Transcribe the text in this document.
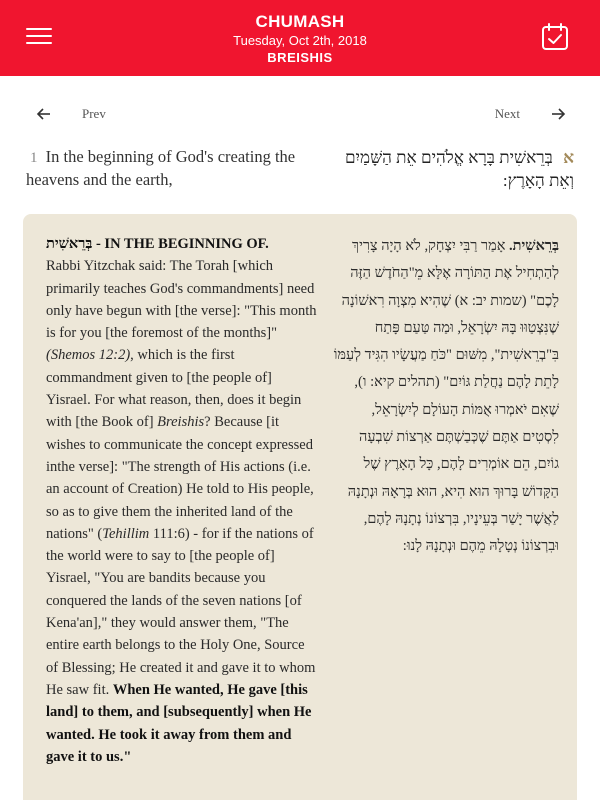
CHUMASH
Tuesday, Oct 2th, 2018
BREISHIS
Prev	Next
1 In the beginning of God's creating the heavens and the earth,
א בְּרֵאשִׁית בָּרָא אֱלֹהִים אֵת הַשָּׁמַיִם וְאֵת הָאָרֶץ:
בְּרֵאשִׁית - IN THE BEGINNING OF.
Rabbi Yitzchak said: The Torah [which primarily teaches God's commandments] need only have begun with [the verse]: "This month is for you [the foremost of the months]" (Shemos 12:2), which is the first commandment given to [the people of] Yisrael. For what reason, then, does it begin with [the Book of] Breishis? Because [it wishes to communicate the concept expressed inthe verse]: "The strength of His actions (i.e. an account of Creation) He told to His people, so as to give them the inherited land of the nations" (Tehillim 111:6) - for if the nations of the world were to say to [the people of] Yisrael, "You are bandits because you conquered the lands of the seven nations [of Kena'an]," they would answer them, "The entire earth belongs to the Holy One, Source of Blessing; He created it and gave it to whom He saw fit. When He wanted, He gave [this land] to them, and [subsequently] when He wanted. He took it away from them and gave it to us."
בְּרֵאשִׁית. אָמַר רַבִּי יִצְחָק, לֹא הָיָה צָרִיךְ לְהַתְחִיל אֶת הַתּוֹרָה אֶלָּא מֵ"הַחֹדֶשׁ הַזֶּה לָכֶם" (שמות יב: א) שֶׁהִיא מִצְוָה רִאשׁוֹנָה שֶׁנִּצְטַוּוּ בָּהּ יִשְׂרָאֵל, וּמַה טַּעַם פָּתַח בִּ"בְרֵאשִׁית", מִשּׁוּם "כֹּחַ מַעֲשָׂיו הִגִּיד לְעַמּוֹ לָתֵת לָהֶם נַחֲלַת גּוֹיִם" (תהלים קיא: ו), שֶׁאִם יֹאמְרוּ אֻמּוֹת הָעוֹלָם לְיִשְׂרָאֵל, לִסְטִים אַתֶּם שֶׁכְּבַשְׁתֶּם אַרְצוֹת שִׁבְעָה גוֹיִם, הֵם אוֹמְרִים לָהֶם, כָּל הָאָרֶץ שֶׁל הַקָּדוֹשׁ בָּרוּךְ הוּא הִיא, הוּא בְּרָאָהּ וּנְתָנָהּ לַאֲשֶׁר יָשַׁר בְּעֵינָיו, בִּרְצוֹנוֹ נְתָנָהּ לָהֶם, וּבִרְצוֹנוֹ נְטָלָהּ מֵהֶם וּנְתָנָהּ לָנוּ:
